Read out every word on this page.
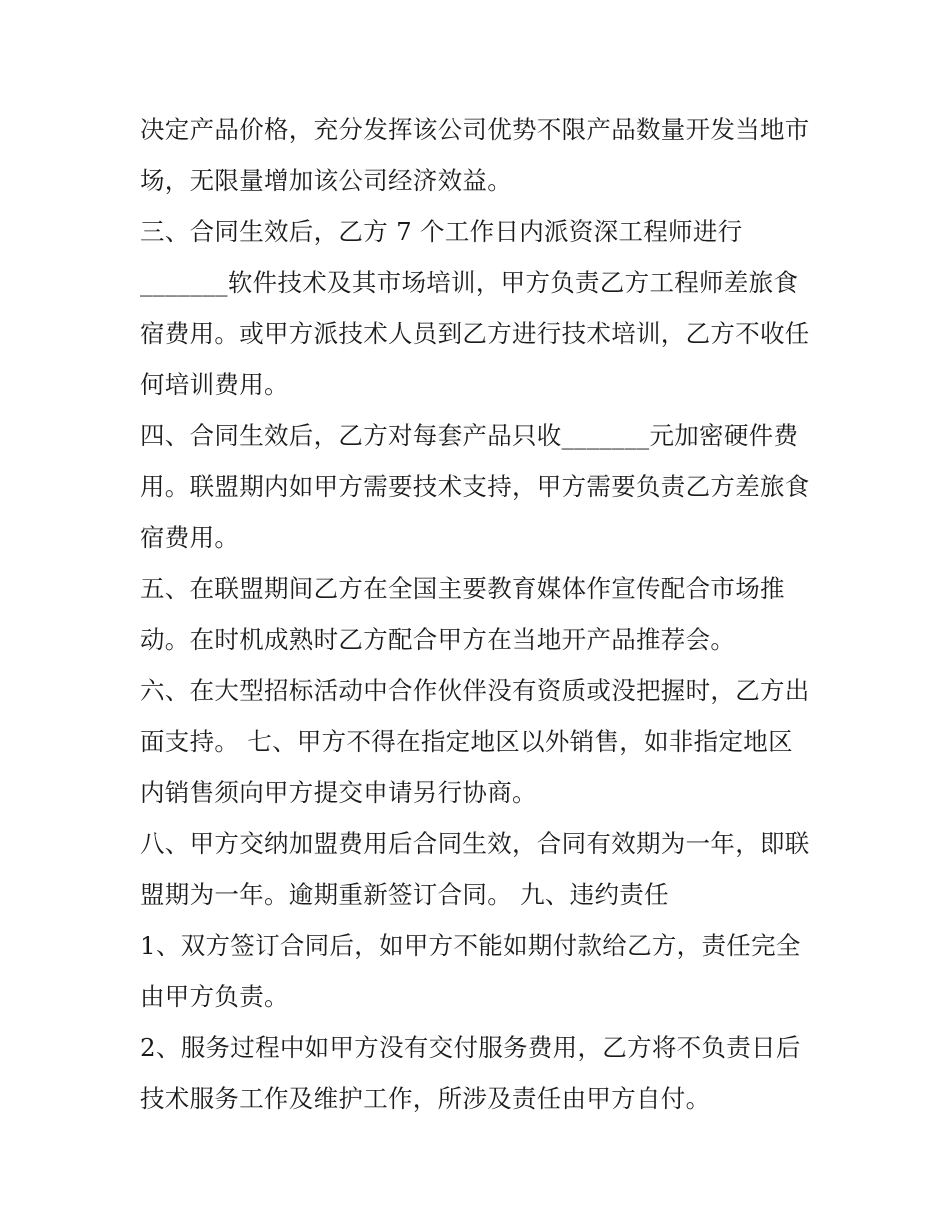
决定产品价格，充分发挥该公司优势不限产品数量开发当地市
场，无限量增加该公司经济效益。
三、合同生效后，乙方 7 个工作日内派资深工程师进行
_______软件技术及其市场培训，甲方负责乙方工程师差旅食
宿费用。或甲方派技术人员到乙方进行技术培训，乙方不收任
何培训费用。
四、合同生效后，乙方对每套产品只收_______元加密硬件费
用。联盟期内如甲方需要技术支持，甲方需要负责乙方差旅食
宿费用。
五、在联盟期间乙方在全国主要教育媒体作宣传配合市场推
动。在时机成熟时乙方配合甲方在当地开产品推荐会。
六、在大型招标活动中合作伙伴没有资质或没把握时，乙方出
面支持。 七、甲方不得在指定地区以外销售，如非指定地区
内销售须向甲方提交申请另行协商。
八、甲方交纳加盟费用后合同生效，合同有效期为一年，即联
盟期为一年。逾期重新签订合同。 九、违约责任
1、双方签订合同后，如甲方不能如期付款给乙方，责任完全
由甲方负责。
2、服务过程中如甲方没有交付服务费用，乙方将不负责日后
技术服务工作及维护工作，所涉及责任由甲方自付。
